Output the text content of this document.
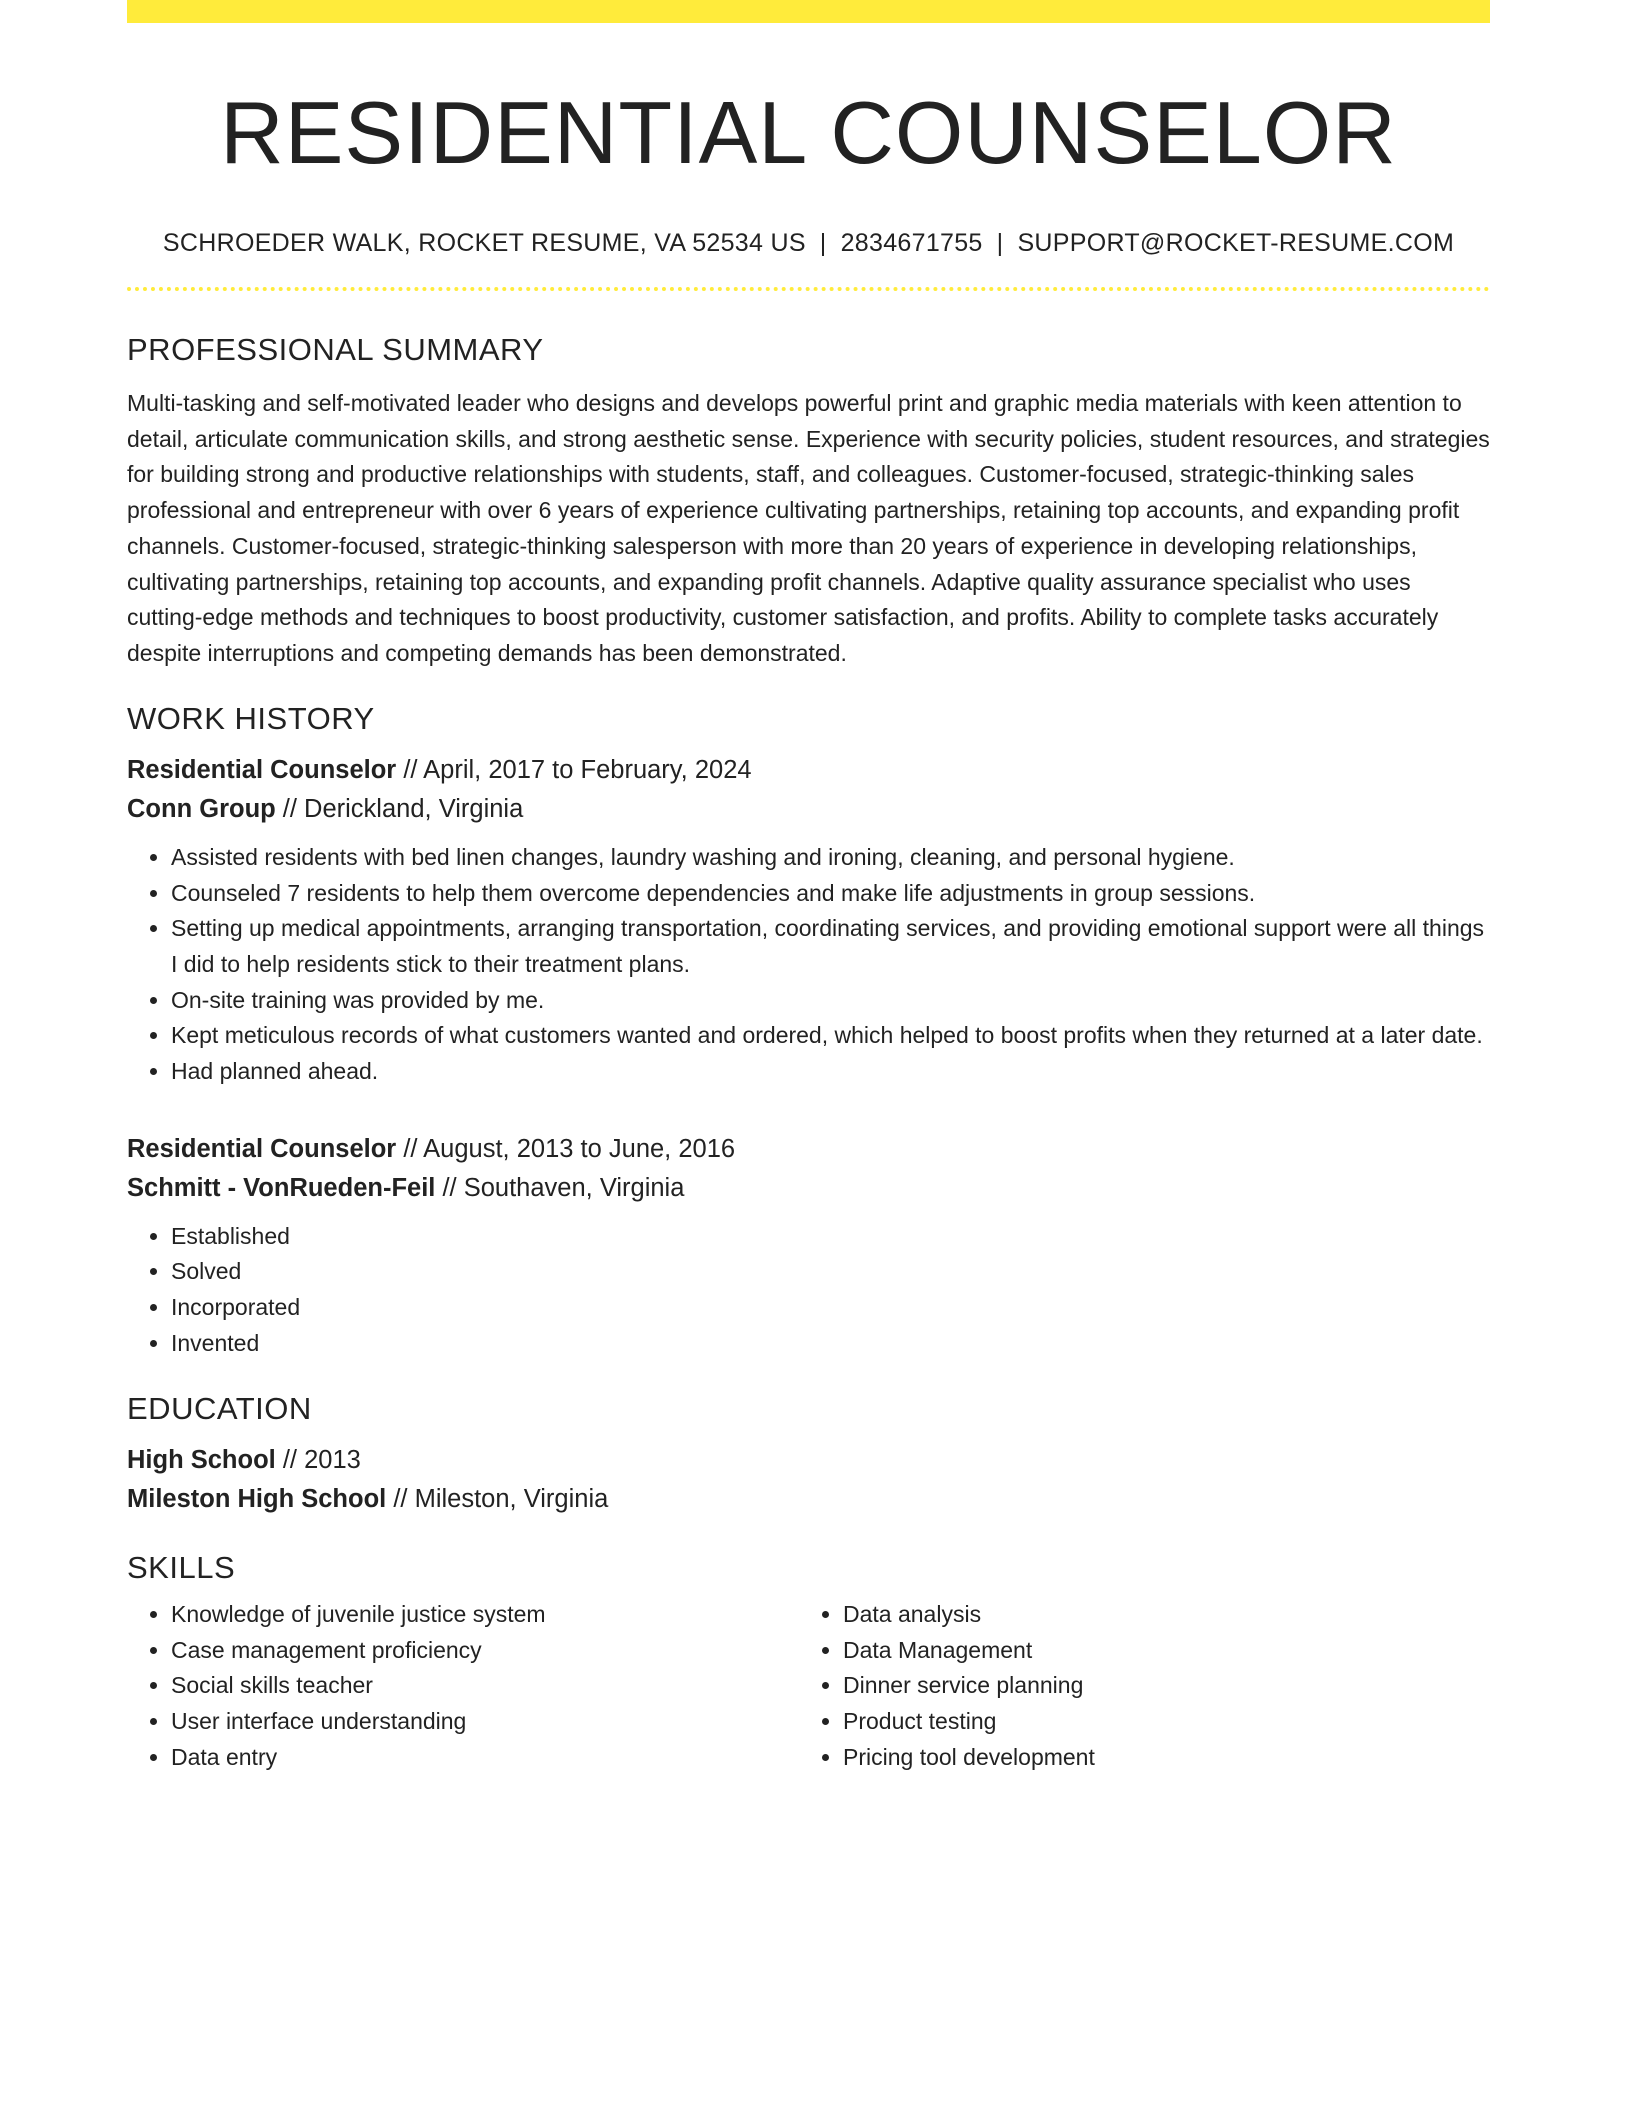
RESIDENTIAL COUNSELOR
SCHROEDER WALK, ROCKET RESUME, VA 52534 US | 2834671755 | SUPPORT@ROCKET-RESUME.COM
PROFESSIONAL SUMMARY
Multi-tasking and self-motivated leader who designs and develops powerful print and graphic media materials with keen attention to detail, articulate communication skills, and strong aesthetic sense. Experience with security policies, student resources, and strategies for building strong and productive relationships with students, staff, and colleagues. Customer-focused, strategic-thinking sales professional and entrepreneur with over 6 years of experience cultivating partnerships, retaining top accounts, and expanding profit channels. Customer-focused, strategic-thinking salesperson with more than 20 years of experience in developing relationships, cultivating partnerships, retaining top accounts, and expanding profit channels. Adaptive quality assurance specialist who uses cutting-edge methods and techniques to boost productivity, customer satisfaction, and profits. Ability to complete tasks accurately despite interruptions and competing demands has been demonstrated.
WORK HISTORY
Residential Counselor // April, 2017 to February, 2024
Conn Group // Derickland, Virginia
• Assisted residents with bed linen changes, laundry washing and ironing, cleaning, and personal hygiene.
• Counseled 7 residents to help them overcome dependencies and make life adjustments in group sessions.
• Setting up medical appointments, arranging transportation, coordinating services, and providing emotional support were all things I did to help residents stick to their treatment plans.
• On-site training was provided by me.
• Kept meticulous records of what customers wanted and ordered, which helped to boost profits when they returned at a later date.
• Had planned ahead.
Residential Counselor // August, 2013 to June, 2016
Schmitt - VonRueden-Feil // Southaven, Virginia
• Established
• Solved
• Incorporated
• Invented
EDUCATION
High School // 2013
Mileston High School // Mileston, Virginia
SKILLS
• Knowledge of juvenile justice system
• Case management proficiency
• Social skills teacher
• User interface understanding
• Data entry
• Data analysis
• Data Management
• Dinner service planning
• Product testing
• Pricing tool development
